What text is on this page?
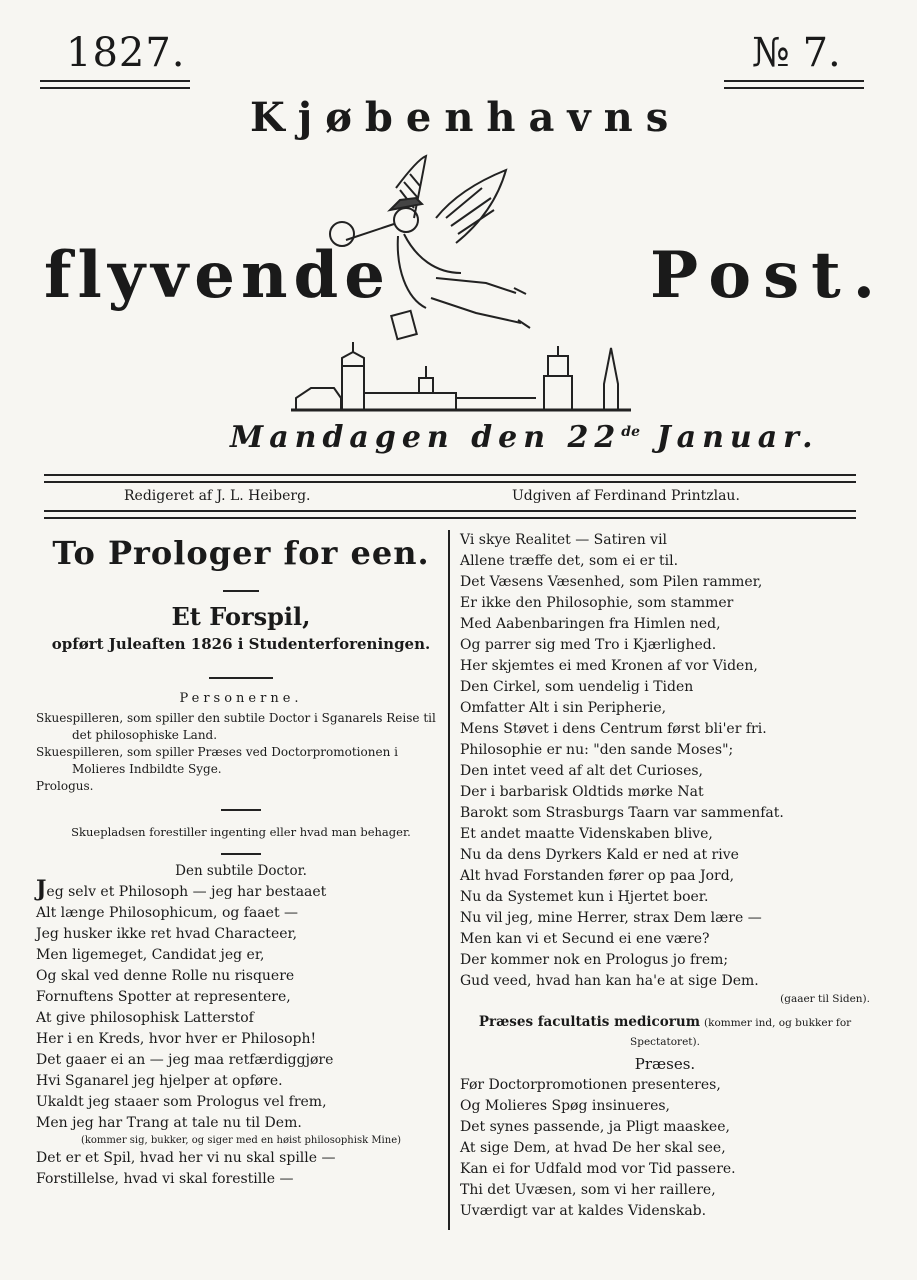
1827.	№ 7.
Kjøbenhavns
flyvende	Post.
Mandagen den 22de Januar.
Redigeret af J. L. Heiberg.	Udgiven af Ferdinand Printzlau.
To Prologer for een.
Et Forspil,
opført Juleaften 1826 i Studenterforeningen.
Personerne.
Skuespilleren, som spiller den subtile Doctor i Sganarels Reise til det philosophiske Land.
Skuespilleren, som spiller Præses ved Doctorpromotionen i Molieres Indbildte Syge.
Prologus.
Skuepladsen forestiller ingenting eller hvad man behager.
Den subtile Doctor.
Jeg selv et Philosoph — jeg har bestaaet
Alt længe Philosophicum, og faaet —
Jeg husker ikke ret hvad Characteer,
Men ligemeget, Candidat jeg er,
Og skal ved denne Rolle nu risquere
Fornuftens Spotter at representere,
At give philosophisk Latterstof
Her i en Kreds, hvor hver er Philosoph!
Det gaaer ei an — jeg maa retfærdiggjøre
Hvi Sganarel jeg hjelper at opføre.
Ukaldt jeg staaer som Prologus vel frem,
Men jeg har Trang at tale nu til Dem.
(kommer sig, bukker, og siger med en høist philosophisk Mine)
Det er et Spil, hvad her vi nu skal spille —
Forstillelse, hvad vi skal forestille —
Vi skye Realitet — Satiren vil
Allene træffe det, som ei er til.
Det Væsens Væsenhed, som Pilen rammer,
Er ikke den Philosophie, som stammer
Med Aabenbaringen fra Himlen ned,
Og parrer sig med Tro i Kjærlighed.
Her skjemtes ei med Kronen af vor Viden,
Den Cirkel, som uendelig i Tiden
Omfatter Alt i sin Peripherie,
Mens Støvet i dens Centrum først bli'er fri.
Philosophie er nu: "den sande Moses";
Den intet veed af alt det Curioses,
Der i barbarisk Oldtids mørke Nat
Barokt som Strasburgs Taarn var sammenfat.
Et andet maatte Videnskaben blive,
Nu da dens Dyrkers Kald er ned at rive
Alt hvad Forstanden fører op paa Jord,
Nu da Systemet kun i Hjertet boer.
Nu vil jeg, mine Herrer, strax Dem lære —
Men kan vi et Secund ei ene være?
Der kommer nok en Prologus jo frem;
Gud veed, hvad han kan ha'e at sige Dem.
(gaaer til Siden).
Præses facultatis medicorum (kommer ind, og bukker for Spectatoret).
Præses.
Før Doctorpromotionen presenteres,
Og Molieres Spøg insinueres,
Det synes passende, ja Pligt maaskee,
At sige Dem, at hvad De her skal see,
Kan ei for Udfald mod vor Tid passere.
Thi det Uvæsen, som vi her raillere,
Uværdigt var at kaldes Videnskab.
